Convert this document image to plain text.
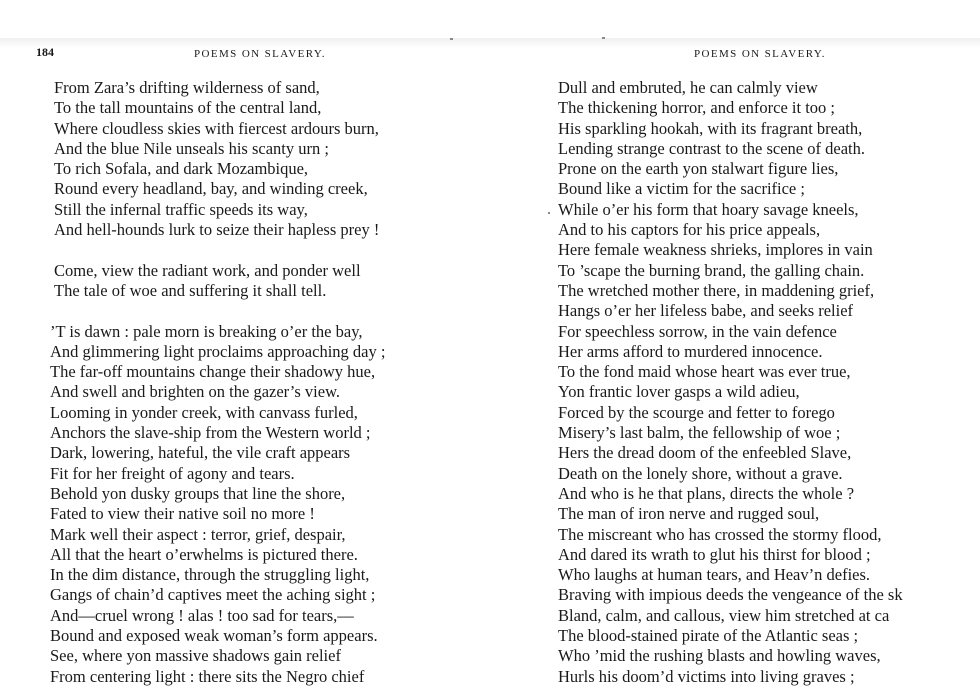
184	POEMS ON SLAVERY.	POEMS ON SLAVERY.
From Zara’s drifting wilderness of sand,
To the tall mountains of the central land,
Where cloudless skies with fiercest ardours burn,
And the blue Nile unseals his scanty urn ;
To rich Sofala, and dark Mozambique,
Round every headland, bay, and winding creek,
Still the infernal traffic speeds its way,
And hell-hounds lurk to seize their hapless prey !
Come, view the radiant work, and ponder well
The tale of woe and suffering it shall tell.
’T is dawn : pale morn is breaking o’er the bay,
And glimmering light proclaims approaching day ;
The far-off mountains change their shadowy hue,
And swell and brighten on the gazer’s view.
Looming in yonder creek, with canvass furled,
Anchors the slave-ship from the Western world ;
Dark, lowering, hateful, the vile craft appears
Fit for her freight of agony and tears.
Behold yon dusky groups that line the shore,
Fated to view their native soil no more !
Mark well their aspect : terror, grief, despair,
All that the heart o’erwhelms is pictured there.
In the dim distance, through the struggling light,
Gangs of chain’d captives meet the aching sight ;
And—cruel wrong ! alas ! too sad for tears,—
Bound and exposed weak woman’s form appears.
See, where yon massive shadows gain relief
From centering light : there sits the Negro chief
Dull and embruted, he can calmly view
The thickening horror, and enforce it too ;
His sparkling hookah, with its fragrant breath,
Lending strange contrast to the scene of death.
Prone on the earth yon stalwart figure lies,
Bound like a victim for the sacrifice ;
While o’er his form that hoary savage kneels,
And to his captors for his price appeals,
Here female weakness shrieks, implores in vain
To ’scape the burning brand, the galling chain.
The wretched mother there, in maddening grief,
Hangs o’er her lifeless babe, and seeks relief
For speechless sorrow, in the vain defence
Her arms afford to murdered innocence.
To the fond maid whose heart was ever true,
Yon frantic lover gasps a wild adieu,
Forced by the scourge and fetter to forego
Misery’s last balm, the fellowship of woe ;
Hers the dread doom of the enfeebled Slave,
Death on the lonely shore, without a grave.
And who is he that plans, directs the whole ?
The man of iron nerve and rugged soul,
The miscreant who has crossed the stormy flood,
And dared its wrath to glut his thirst for blood ;
Who laughs at human tears, and Heav’n defies.
Braving with impious deeds the vengeance of the sk
Bland, calm, and callous, view him stretched at ca
The blood-stained pirate of the Atlantic seas ;
Who ’mid the rushing blasts and howling waves,
Hurls his doom’d victims into living graves ;
